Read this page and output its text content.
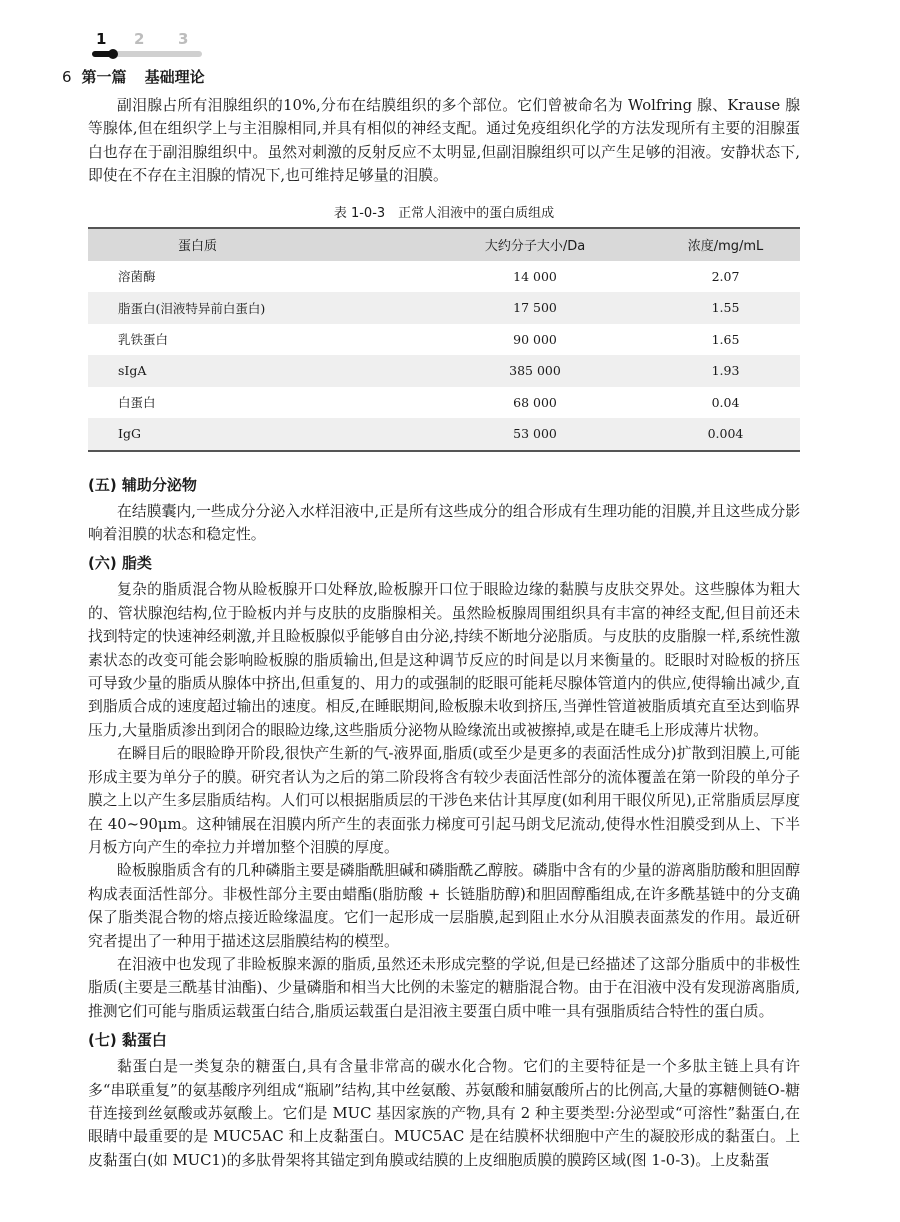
1 2 3
6 第一篇 基础理论

副泪腺占所有泪腺组织的10%,分布在结膜组织的多个部位。它们曾被命名为 Wolfring 腺、Krause 腺等腺体,但在组织学上与主泪腺相同,并具有相似的神经支配。通过免疫组织化学的方法发现所有主要的泪腺蛋白也存在于副泪腺组织中。虽然对刺激的反射反应不太明显,但副泪腺组织可以产生足够的泪液。安静状态下,即使在不存在主泪腺的情况下,也可维持足够量的泪膜。

表 1-0-3　正常人泪液中的蛋白质组成
蛋白质	大约分子大小/Da	浓度/mg/mL
溶菌酶	14 000	2.07
脂蛋白(泪液特异前白蛋白)	17 500	1.55
乳铁蛋白	90 000	1.65
sIgA	385 000	1.93
白蛋白	68 000	0.04
IgG	53 000	0.004
(五) 辅助分泌物

在结膜囊内,一些成分分泌入水样泪液中,正是所有这些成分的组合形成有生理功能的泪膜,并且这些成分影响着泪膜的状态和稳定性。

(六) 脂类

复杂的脂质混合物从睑板腺开口处释放,睑板腺开口位于眼睑边缘的黏膜与皮肤交界处。这些腺体为粗大的、管状腺泡结构,位于睑板内并与皮肤的皮脂腺相关。虽然睑板腺周围组织具有丰富的神经支配,但目前还未找到特定的快速神经刺激,并且睑板腺似乎能够自由分泌,持续不断地分泌脂质。与皮肤的皮脂腺一样,系统性激素状态的改变可能会影响睑板腺的脂质输出,但是这种调节反应的时间是以月来衡量的。眨眼时对睑板的挤压可导致少量的脂质从腺体中挤出,但重复的、用力的或强制的眨眼可能耗尽腺体管道内的供应,使得输出减少,直到脂质合成的速度超过输出的速度。相反,在睡眠期间,睑板腺未收到挤压,当弹性管道被脂质填充直至达到临界压力,大量脂质渗出到闭合的眼睑边缘,这些脂质分泌物从睑缘流出或被擦掉,或是在睫毛上形成薄片状物。

在瞬目后的眼睑睁开阶段,很快产生新的气-液界面,脂质(或至少是更多的表面活性成分)扩散到泪膜上,可能形成主要为单分子的膜。研究者认为之后的第二阶段将含有较少表面活性部分的流体覆盖在第一阶段的单分子膜之上以产生多层脂质结构。人们可以根据脂质层的干涉色来估计其厚度(如利用干眼仪所见),正常脂质层厚度在 40~90μm。这种铺展在泪膜内所产生的表面张力梯度可引起马朗戈尼流动,使得水性泪膜受到从上、下半月板方向产生的牵拉力并增加整个泪膜的厚度。

睑板腺脂质含有的几种磷脂主要是磷脂酰胆碱和磷脂酰乙醇胺。磷脂中含有的少量的游离脂肪酸和胆固醇构成表面活性部分。非极性部分主要由蜡酯(脂肪酸 + 长链脂肪醇)和胆固醇酯组成,在许多酰基链中的分支确保了脂类混合物的熔点接近睑缘温度。它们一起形成一层脂膜,起到阻止水分从泪膜表面蒸发的作用。最近研究者提出了一种用于描述这层脂膜结构的模型。

在泪液中也发现了非睑板腺来源的脂质,虽然还未形成完整的学说,但是已经描述了这部分脂质中的非极性脂质(主要是三酰基甘油酯)、少量磷脂和相当大比例的未鉴定的糖脂混合物。由于在泪液中没有发现游离脂质,推测它们可能与脂质运载蛋白结合,脂质运载蛋白是泪液主要蛋白质中唯一具有强脂质结合特性的蛋白质。

(七) 黏蛋白

黏蛋白是一类复杂的糖蛋白,具有含量非常高的碳水化合物。它们的主要特征是一个多肽主链上具有许多“串联重复”的氨基酸序列组成“瓶刷”结构,其中丝氨酸、苏氨酸和脯氨酸所占的比例高,大量的寡糖侧链O-糖苷连接到丝氨酸或苏氨酸上。它们是 MUC 基因家族的产物,具有 2 种主要类型:分泌型或“可溶性”黏蛋白,在眼睛中最重要的是 MUC5AC 和上皮黏蛋白。MUC5AC 是在结膜杯状细胞中产生的凝胶形成的黏蛋白。上皮黏蛋白(如 MUC1)的多肽骨架将其锚定到角膜或结膜的上皮细胞质膜的膜跨区域(图 1-0-3)。上皮黏蛋
